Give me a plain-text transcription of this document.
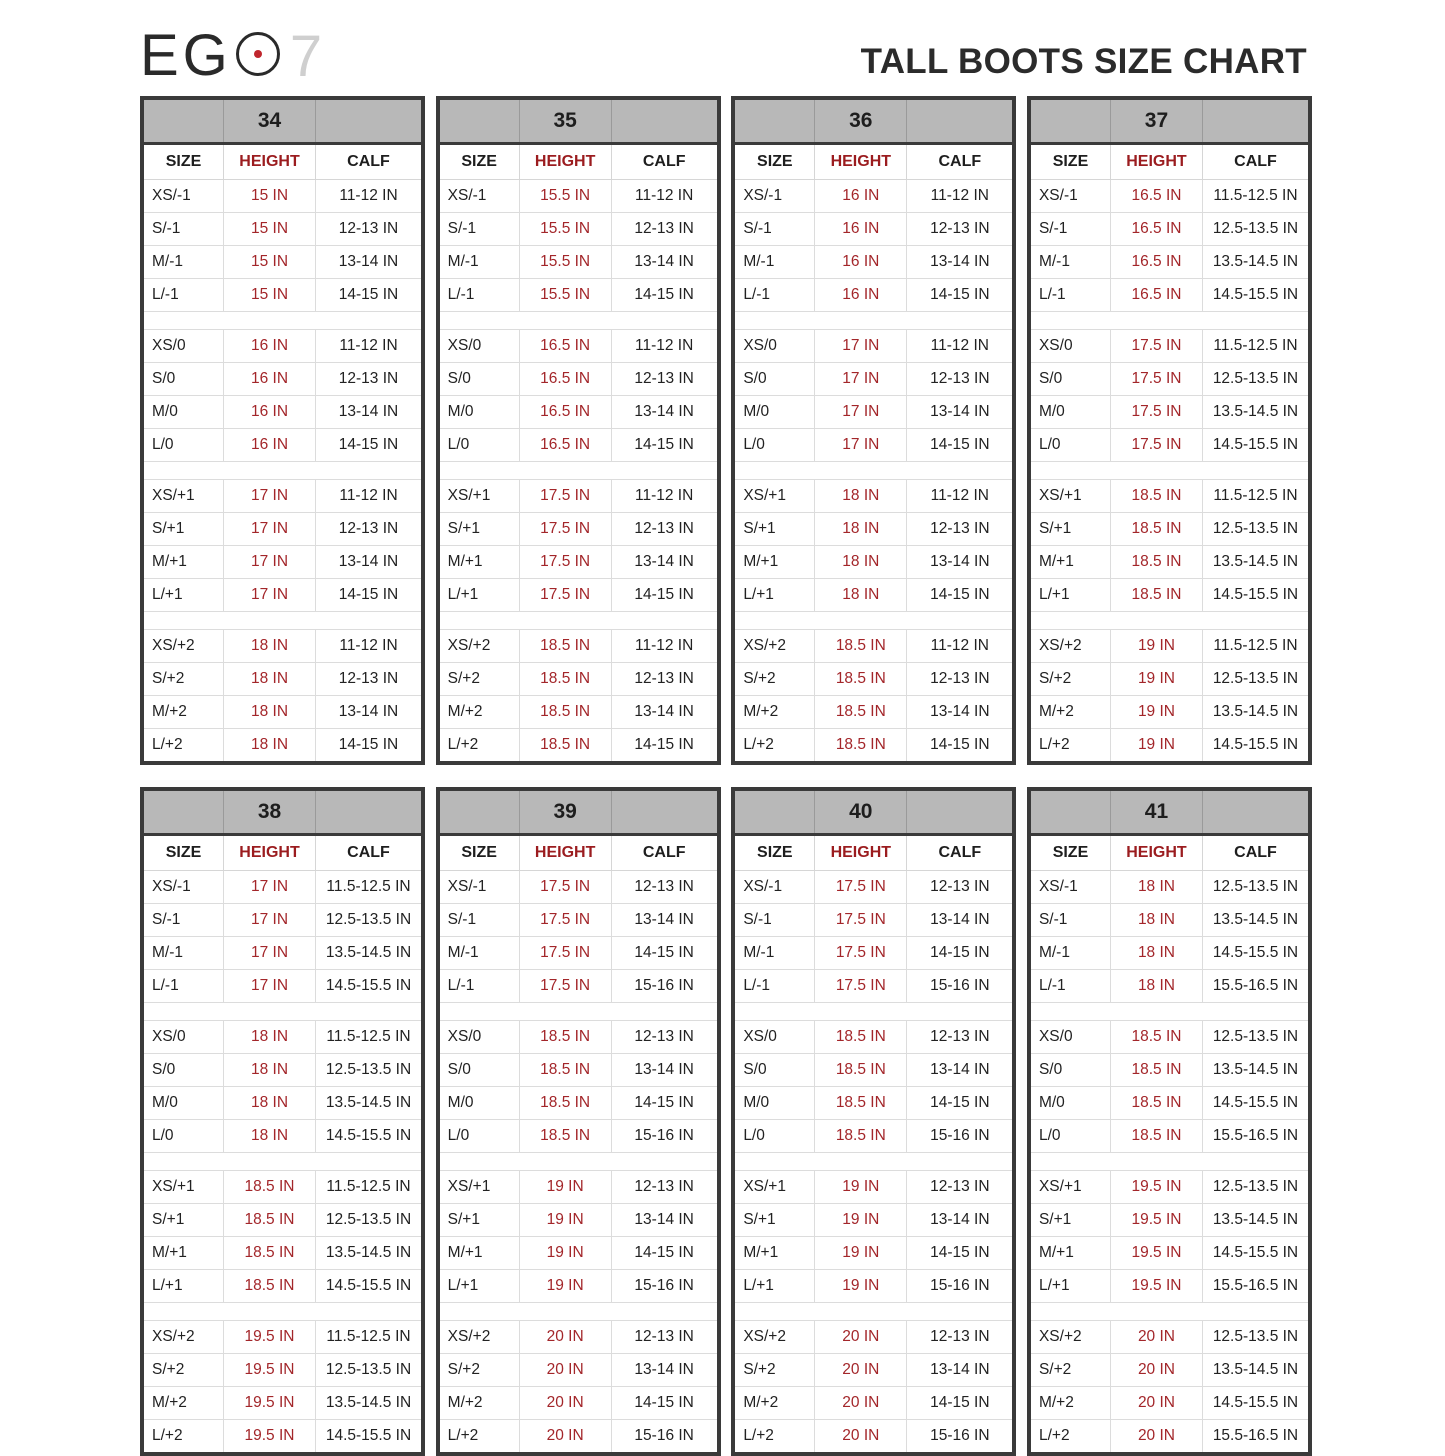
EG 7	TALL BOOTS SIZE CHART
34
SIZE	HEIGHT	CALF
XS/-1	15 IN	11-12 IN
S/-1	15 IN	12-13 IN
M/-1	15 IN	13-14 IN
L/-1	15 IN	14-15 IN
XS/0	16 IN	11-12 IN
S/0	16 IN	12-13 IN
M/0	16 IN	13-14 IN
L/0	16 IN	14-15 IN
XS/+1	17 IN	11-12 IN
S/+1	17 IN	12-13 IN
M/+1	17 IN	13-14 IN
L/+1	17 IN	14-15 IN
XS/+2	18 IN	11-12 IN
S/+2	18 IN	12-13 IN
M/+2	18 IN	13-14 IN
L/+2	18 IN	14-15 IN
35
SIZE	HEIGHT	CALF
XS/-1	15.5 IN	11-12 IN
S/-1	15.5 IN	12-13 IN
M/-1	15.5 IN	13-14 IN
L/-1	15.5 IN	14-15 IN
XS/0	16.5 IN	11-12 IN
S/0	16.5 IN	12-13 IN
M/0	16.5 IN	13-14 IN
L/0	16.5 IN	14-15 IN
XS/+1	17.5 IN	11-12 IN
S/+1	17.5 IN	12-13 IN
M/+1	17.5 IN	13-14 IN
L/+1	17.5 IN	14-15 IN
XS/+2	18.5 IN	11-12 IN
S/+2	18.5 IN	12-13 IN
M/+2	18.5 IN	13-14 IN
L/+2	18.5 IN	14-15 IN
36
SIZE	HEIGHT	CALF
XS/-1	16 IN	11-12 IN
S/-1	16 IN	12-13 IN
M/-1	16 IN	13-14 IN
L/-1	16 IN	14-15 IN
XS/0	17 IN	11-12 IN
S/0	17 IN	12-13 IN
M/0	17 IN	13-14 IN
L/0	17 IN	14-15 IN
XS/+1	18 IN	11-12 IN
S/+1	18 IN	12-13 IN
M/+1	18 IN	13-14 IN
L/+1	18 IN	14-15 IN
XS/+2	18.5 IN	11-12 IN
S/+2	18.5 IN	12-13 IN
M/+2	18.5 IN	13-14 IN
L/+2	18.5 IN	14-15 IN
37
SIZE	HEIGHT	CALF
XS/-1	16.5 IN	11.5-12.5 IN
S/-1	16.5 IN	12.5-13.5 IN
M/-1	16.5 IN	13.5-14.5 IN
L/-1	16.5 IN	14.5-15.5 IN
XS/0	17.5 IN	11.5-12.5 IN
S/0	17.5 IN	12.5-13.5 IN
M/0	17.5 IN	13.5-14.5 IN
L/0	17.5 IN	14.5-15.5 IN
XS/+1	18.5 IN	11.5-12.5 IN
S/+1	18.5 IN	12.5-13.5 IN
M/+1	18.5 IN	13.5-14.5 IN
L/+1	18.5 IN	14.5-15.5 IN
XS/+2	19 IN	11.5-12.5 IN
S/+2	19 IN	12.5-13.5 IN
M/+2	19 IN	13.5-14.5 IN
L/+2	19 IN	14.5-15.5 IN
38
SIZE	HEIGHT	CALF
XS/-1	17 IN	11.5-12.5 IN
S/-1	17 IN	12.5-13.5 IN
M/-1	17 IN	13.5-14.5 IN
L/-1	17 IN	14.5-15.5 IN
XS/0	18 IN	11.5-12.5 IN
S/0	18 IN	12.5-13.5 IN
M/0	18 IN	13.5-14.5 IN
L/0	18 IN	14.5-15.5 IN
XS/+1	18.5 IN	11.5-12.5 IN
S/+1	18.5 IN	12.5-13.5 IN
M/+1	18.5 IN	13.5-14.5 IN
L/+1	18.5 IN	14.5-15.5 IN
XS/+2	19.5 IN	11.5-12.5 IN
S/+2	19.5 IN	12.5-13.5 IN
M/+2	19.5 IN	13.5-14.5 IN
L/+2	19.5 IN	14.5-15.5 IN
39
SIZE	HEIGHT	CALF
XS/-1	17.5 IN	12-13 IN
S/-1	17.5 IN	13-14 IN
M/-1	17.5 IN	14-15 IN
L/-1	17.5 IN	15-16 IN
XS/0	18.5 IN	12-13 IN
S/0	18.5 IN	13-14 IN
M/0	18.5 IN	14-15 IN
L/0	18.5 IN	15-16 IN
XS/+1	19 IN	12-13 IN
S/+1	19 IN	13-14 IN
M/+1	19 IN	14-15 IN
L/+1	19 IN	15-16 IN
XS/+2	20 IN	12-13 IN
S/+2	20 IN	13-14 IN
M/+2	20 IN	14-15 IN
L/+2	20 IN	15-16 IN
40
SIZE	HEIGHT	CALF
XS/-1	17.5 IN	12-13 IN
S/-1	17.5 IN	13-14 IN
M/-1	17.5 IN	14-15 IN
L/-1	17.5 IN	15-16 IN
XS/0	18.5 IN	12-13 IN
S/0	18.5 IN	13-14 IN
M/0	18.5 IN	14-15 IN
L/0	18.5 IN	15-16 IN
XS/+1	19 IN	12-13 IN
S/+1	19 IN	13-14 IN
M/+1	19 IN	14-15 IN
L/+1	19 IN	15-16 IN
XS/+2	20 IN	12-13 IN
S/+2	20 IN	13-14 IN
M/+2	20 IN	14-15 IN
L/+2	20 IN	15-16 IN
41
SIZE	HEIGHT	CALF
XS/-1	18 IN	12.5-13.5 IN
S/-1	18 IN	13.5-14.5 IN
M/-1	18 IN	14.5-15.5 IN
L/-1	18 IN	15.5-16.5 IN
XS/0	18.5 IN	12.5-13.5 IN
S/0	18.5 IN	13.5-14.5 IN
M/0	18.5 IN	14.5-15.5 IN
L/0	18.5 IN	15.5-16.5 IN
XS/+1	19.5 IN	12.5-13.5 IN
S/+1	19.5 IN	13.5-14.5 IN
M/+1	19.5 IN	14.5-15.5 IN
L/+1	19.5 IN	15.5-16.5 IN
XS/+2	20 IN	12.5-13.5 IN
S/+2	20 IN	13.5-14.5 IN
M/+2	20 IN	14.5-15.5 IN
L/+2	20 IN	15.5-16.5 IN
